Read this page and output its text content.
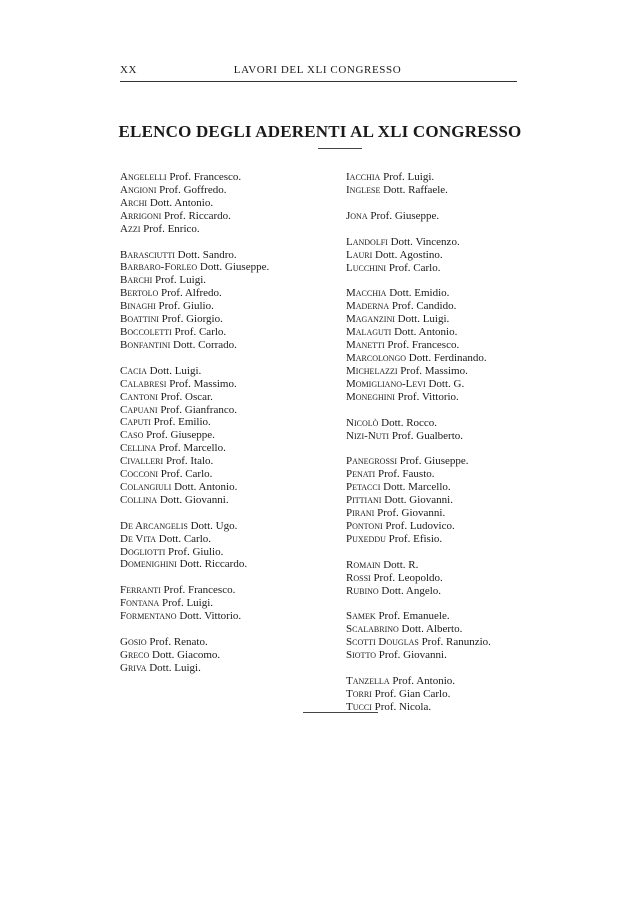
XX	LAVORI DEL XLI CONGRESSO
ELENCO DEGLI ADERENTI AL XLI CONGRESSO
Angelelli Prof. Francesco.
Angioni Prof. Goffredo.
Archi Dott. Antonio.
Arrigoni Prof. Riccardo.
Azzi Prof. Enrico.
Barasciutti Dott. Sandro.
Barbaro-Forleo Dott. Giuseppe.
Barchi Prof. Luigi.
Bertolo Prof. Alfredo.
Binaghi Prof. Giulio.
Boattini Prof. Giorgio.
Boccoletti Prof. Carlo.
Bonfantini Dott. Corrado.
Cacia Dott. Luigi.
Calabresi Prof. Massimo.
Cantoni Prof. Oscar.
Capuani Prof. Gianfranco.
Caputi Prof. Emilio.
Caso Prof. Giuseppe.
Cellina Prof. Marcello.
Civalleri Prof. Italo.
Cocconi Prof. Carlo.
Colangiuli Dott. Antonio.
Collina Dott. Giovanni.
De Arcangelis Dott. Ugo.
De Vita Dott. Carlo.
Dogliotti Prof. Giulio.
Domenighini Dott. Riccardo.
Ferranti Prof. Francesco.
Fontana Prof. Luigi.
Formentano Dott. Vittorio.
Gosio Prof. Renato.
Greco Dott. Giacomo.
Griva Dott. Luigi.
Iacchia Prof. Luigi.
Inglese Dott. Raffaele.
Jona Prof. Giuseppe.
Landolfi Dott. Vincenzo.
Lauri Dott. Agostino.
Lucchini Prof. Carlo.
Macchia Dott. Emidio.
Maderna Prof. Candido.
Maganzini Dott. Luigi.
Malaguti Dott. Antonio.
Manetti Prof. Francesco.
Marcolongo Dott. Ferdinando.
Michelazzi Prof. Massimo.
Momigliano-Levi Dott. G.
Moneghini Prof. Vittorio.
Nicolò Dott. Rocco.
Nizi-Nuti Prof. Gualberto.
Panegrossi Prof. Giuseppe.
Penati Prof. Fausto.
Petacci Dott. Marcello.
Pittiani Dott. Giovanni.
Pirani Prof. Giovanni.
Pontoni Prof. Ludovico.
Puxeddu Prof. Efisio.
Romain Dott. R.
Rossi Prof. Leopoldo.
Rubino Dott. Angelo.
Samek Prof. Emanuele.
Scalabrino Dott. Alberto.
Scotti Douglas Prof. Ranunzio.
Siotto Prof. Giovanni.
Tanzella Prof. Antonio.
Torri Prof. Gian Carlo.
Tucci Prof. Nicola.
